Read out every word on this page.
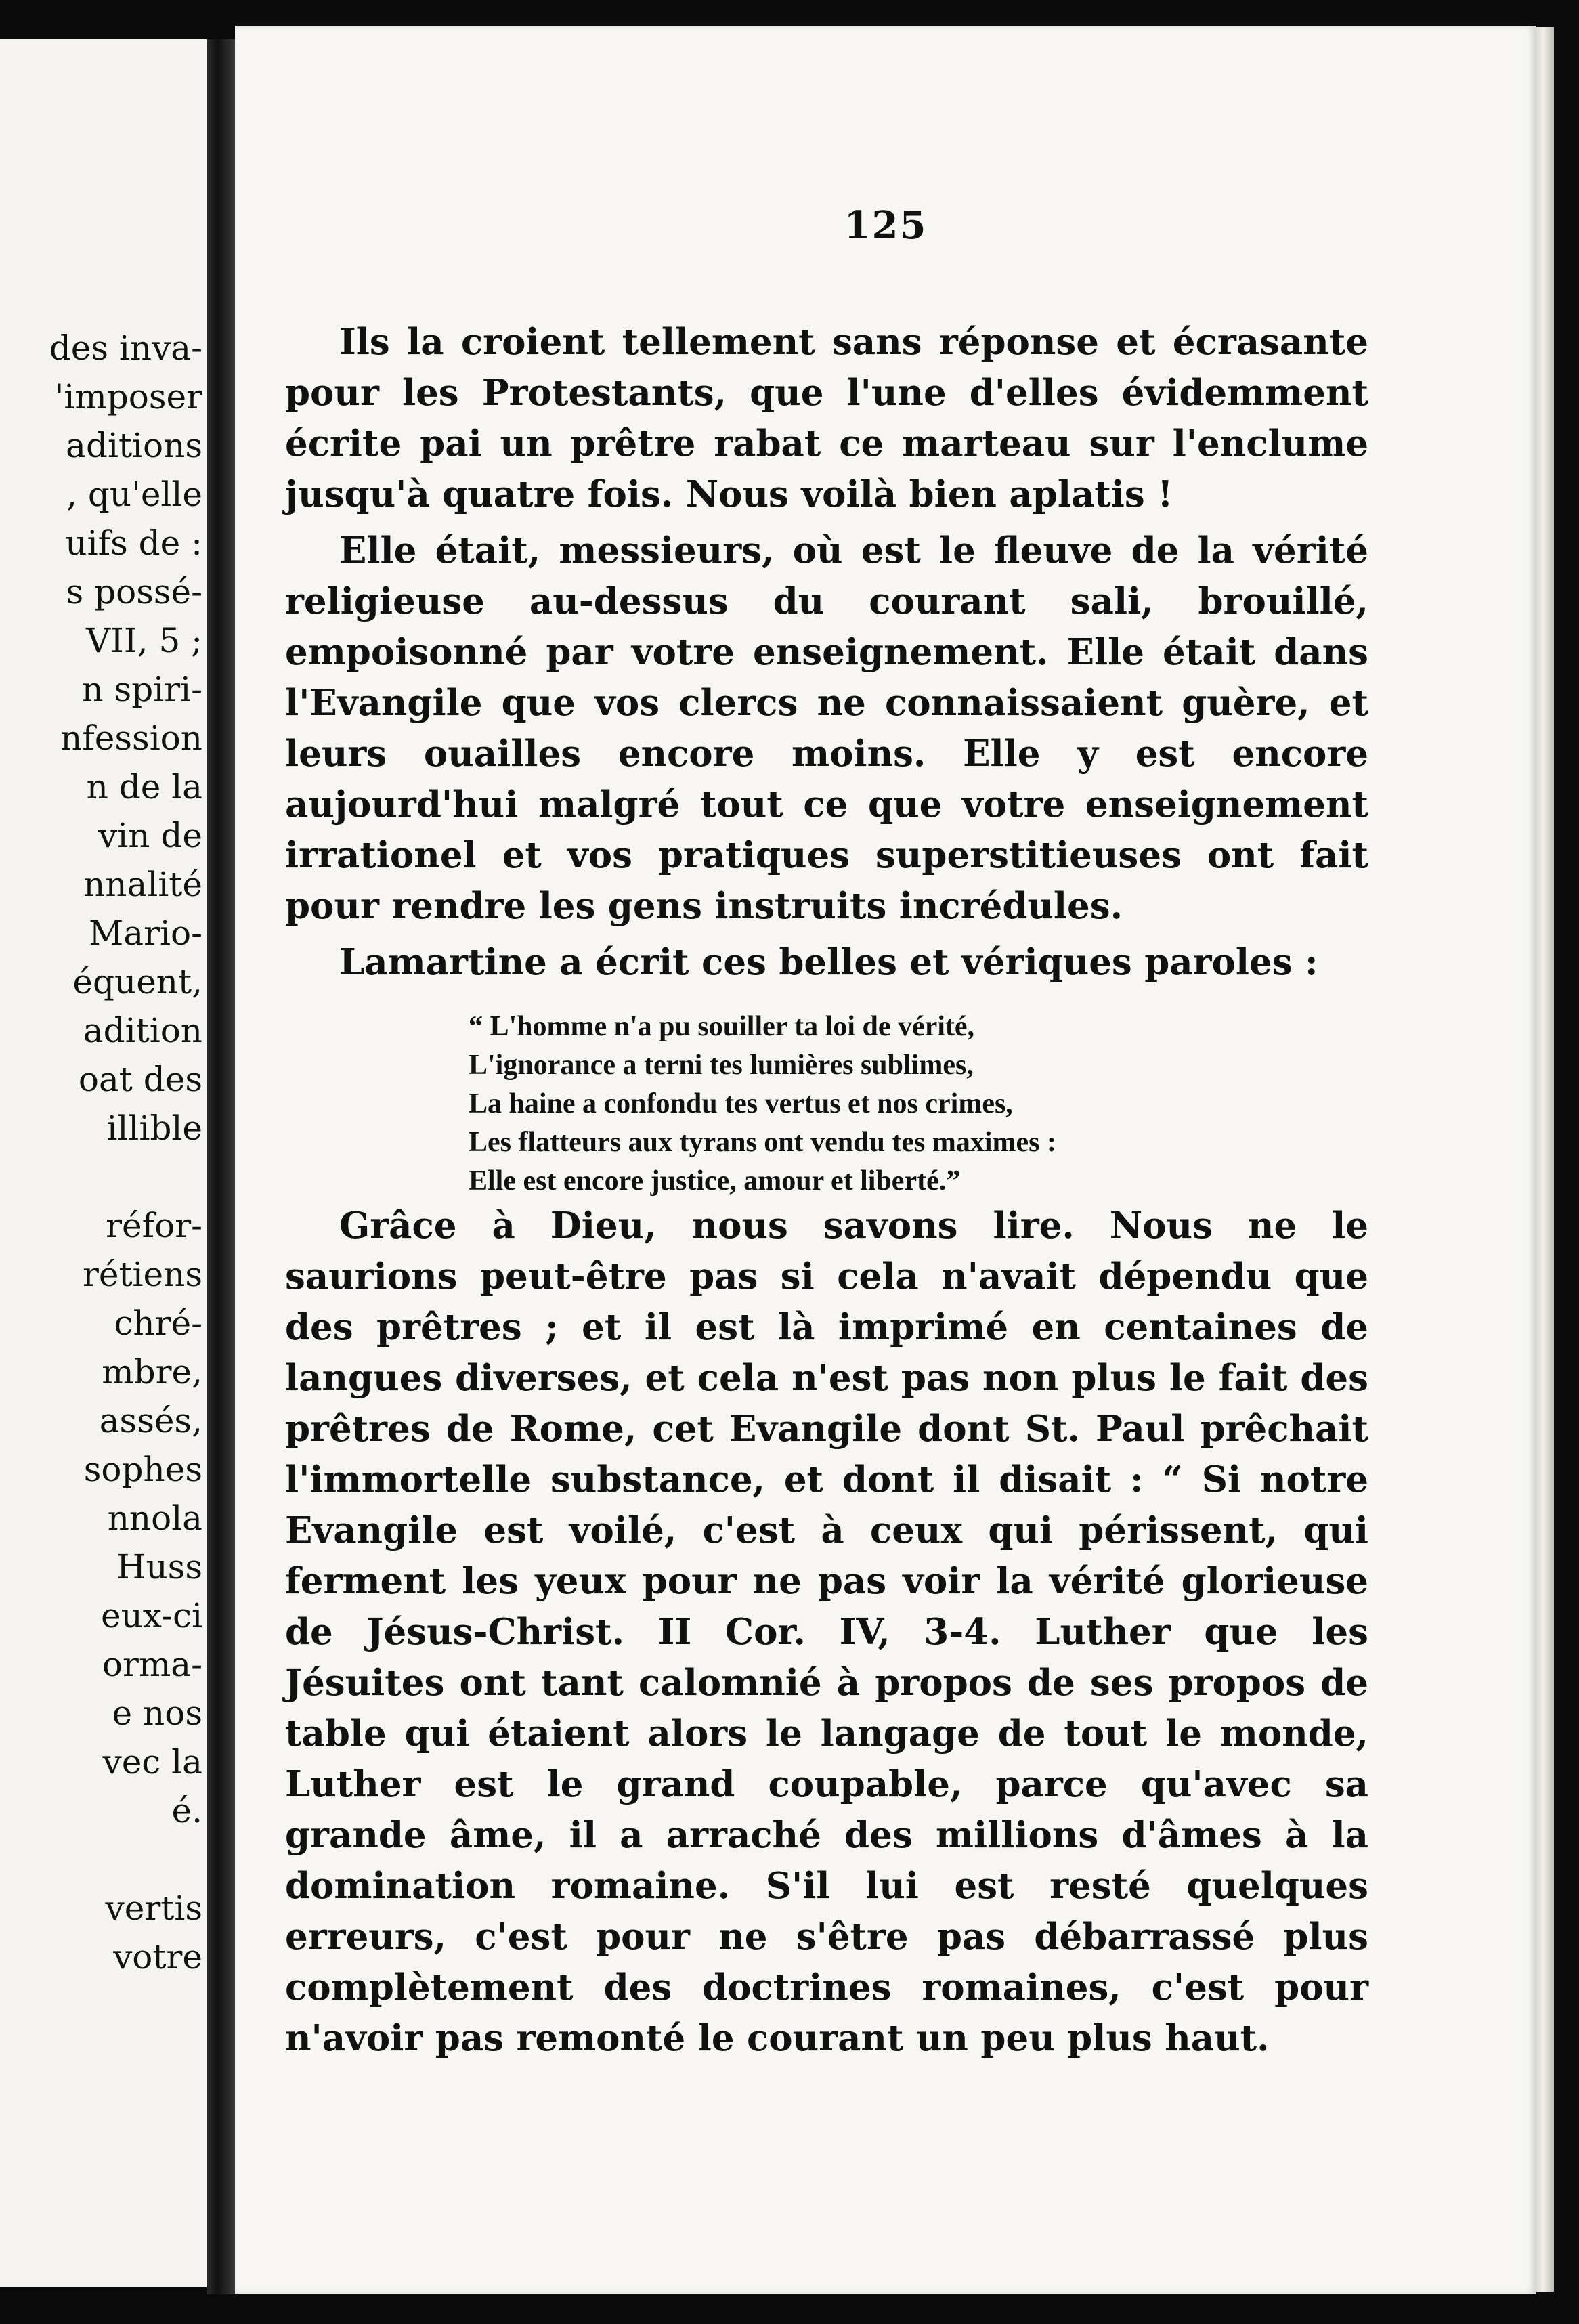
des inva-
'imposer
aditions
, qu'elle
uifs de :
s possé-
VII, 5 ;
n spiri-
nfession
n de la
vin de
nnalité
Mario-
équent,
adition
oat des
illible
réfor-
rétiens
chré-
mbre,
assés,
sophes
nnola
Huss
eux-ci
orma-
e nos
vec la
é.
vertis
votre
125

Ils la croient tellement sans réponse et écrasante pour les Protestants, que l'une d'elles évidemment écrite pai un prêtre rabat ce marteau sur l'enclume jusqu'à quatre fois. Nous voilà bien aplatis !

Elle était, messieurs, où est le fleuve de la vérité religieuse au-dessus du courant sali, brouillé, empoisonné par votre enseignement. Elle était dans l'Evangile que vos clercs ne connaissaient guère, et leurs ouailles encore moins. Elle y est encore aujourd'hui malgré tout ce que votre enseignement irrationel et vos pratiques superstitieuses ont fait pour rendre les gens instruits incrédules.

Lamartine a écrit ces belles et vériques paroles :

“ L'homme n'a pu souiller ta loi de vérité,
L'ignorance a terni tes lumières sublimes,
La haine a confondu tes vertus et nos crimes,
Les flatteurs aux tyrans ont vendu tes maximes :
Elle est encore justice, amour et liberté.”

Grâce à Dieu, nous savons lire. Nous ne le saurions peut-être pas si cela n'avait dépendu que des prêtres ; et il est là imprimé en centaines de langues diverses, et cela n'est pas non plus le fait des prêtres de Rome, cet Evangile dont St. Paul prêchait l'immortelle substance, et dont il disait : “ Si notre Evangile est voilé, c'est à ceux qui périssent, qui ferment les yeux pour ne pas voir la vérité glorieuse de Jésus-Christ. II Cor. IV, 3-4. Luther que les Jésuites ont tant calomnié à propos de ses propos de table qui étaient alors le langage de tout le monde, Luther est le grand coupable, parce qu'avec sa grande âme, il a arraché des millions d'âmes à la domination romaine. S'il lui est resté quelques erreurs, c'est pour ne s'être pas débarrassé plus complètement des doctrines romaines, c'est pour n'avoir pas remonté le courant un peu plus haut.
